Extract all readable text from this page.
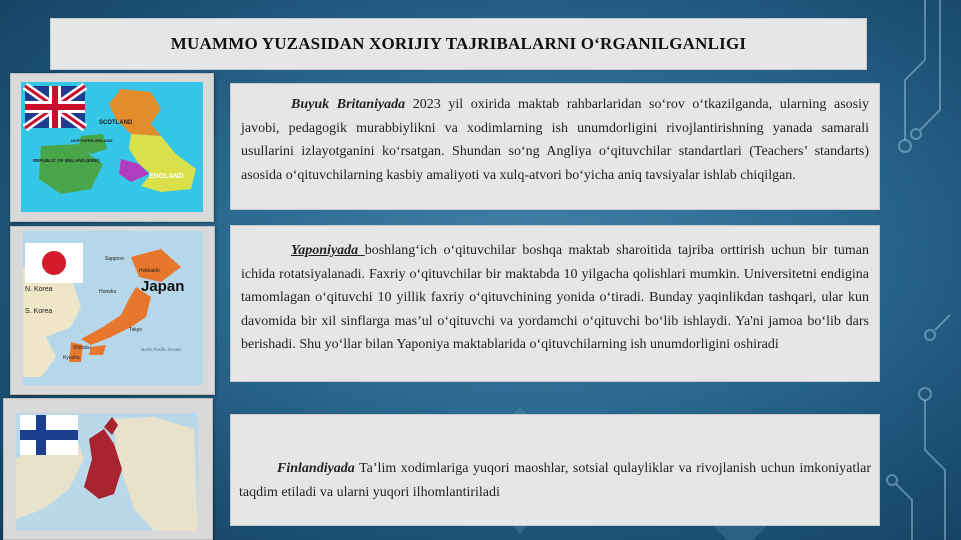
MUAMMO YUZASIDAN XORIJIY TAJRIBALARNI O‘RGANILGANLIGI
SCOTLAND
NORTHERN IRELAND
REPUBLIC OF IRELAND (EIRE)
ENGLAND
Japan
Sapporo
Hokkaido
N. Korea
S. Korea
Honshu
Tokyo
Shikoku
Kyushu
North Pacific Ocean

Buyuk Britaniyada 2023 yil oxirida maktab rahbarlaridan so‘rov o‘tkazilganda, ularning asosiy javobi, pedagogik murabbiylikni va xodimlarning ish unumdorligini rivojlantirishning yanada samarali usullarini izlayotganini ko‘rsatgan. Shundan so‘ng Angliya o‘qituvchilar standartlari (Teachers’ standarts) asosida o‘qituvchilarning kasbiy amaliyoti va xulq-atvori bo‘yicha aniq tavsiyalar ishlab chiqilgan.

Yaponiyada boshlang‘ich o‘qituvchilar boshqa maktab sharoitida tajriba orttirish uchun bir tuman ichida rotatsiyalanadi. Faxriy o‘qituvchilar bir maktabda 10 yilgacha qolishlari mumkin. Universitetni endigina tamomlagan o‘qituvchi 10 yillik faxriy o‘qituvchining yonida o‘tiradi. Bunday yaqinlikdan tashqari, ular kun davomida bir xil sinflarga mas’ul o‘qituvchi va yordamchi o‘qituvchi bo‘lib ishlaydi. Ya'ni jamoa bo‘lib dars berishadi. Shu yo‘llar bilan Yaponiya maktablarida o‘qituvchilarning ish unumdorligini oshiradi

Finlandiyada Ta’lim xodimlariga yuqori maoshlar, sotsial qulayliklar va rivojlanish uchun imkoniyatlar taqdim etiladi va ularni yuqori ilhomlantiriladi
